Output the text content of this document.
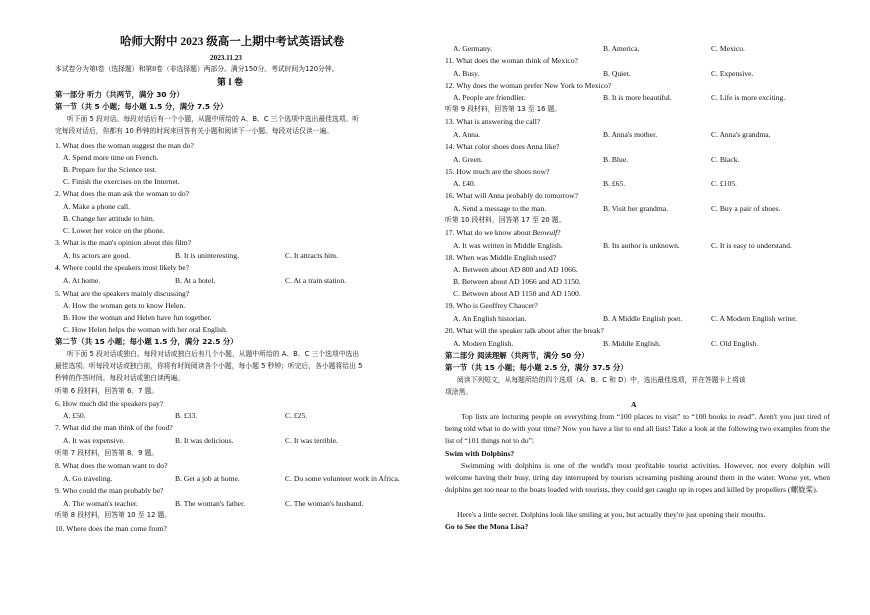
哈师大附中 2023 级高一上期中考试英语试卷
2023.11.23
本试卷分为第I卷（选择题）和第II卷（非选择题）两部分。满分150分。考试时间为120分钟。
第 I 卷
第一部分 听力（共两节，满分 30 分）
第一节（共 5 小题；每小题 1.5 分，满分 7.5 分）
听下面 5 段对话。每段对话后有一个小题，从题中所给的 A、B、C 三个选项中选出最佳选项。听
完每段对话后，你都有 10 秒钟的时间来回答有关小题和阅读下一小题。每段对话仅读一遍。
1. What does the woman suggest the man do?
A. Spend more time on French.
B. Prepare for the Science test.
C. Finish the exercises on the Internet.
2. What does the man ask the woman to do?
A. Make a phone call.
B. Change her attitude to him.
C. Lower her voice on the phone.
3. What is the man's opinion about this film?
A. Its actors are good.	B. It is uninteresting.	C. It attracts him.
4. Where could the speakers most likely be?
A. At home.	B. At a hotel.	C. At a train station.
5. What are the speakers mainly discussing?
A. How the woman gets to know Helen.
B. How the woman and Helen have fun together.
C. How Helen helps the woman with her oral English.
第二节（共 15 小题；每小题 1.5 分，满分 22.5 分）
听下面 5 段对话或独白。每段对话或独白后有几个小题，从题中所给的 A、B、C 三个选项中选出
最佳选项。听每段对话或独白前，你将有时间阅读各个小题，每小题 5 秒钟；听完后，各小题将给出 5
秒钟的作答时间。每段对话或独白读两遍。
听第 6 段材料，回答第 6、7 题。
6. How much did the speakers pay?
A. £50.	B. £33.	C. £25.
7. What did the man think of the food?
A. It was expensive.	B. It was delicious.	C. It was terrible.
听第 7 段材料，回答第 8、9 题。
8. What does the woman want to do?
A. Go traveling.	B. Get a job at home.	C. Do some volunteer work in Africa.
9. Who could the man probably be?
A. The woman's teacher.	B. The woman's father.	C. The woman's husband.
听第 8 段材料，回答第 10 至 12 题。
10. Where does the man come from?
A. Germany.	B. America.	C. Mexico.
11. What does the woman think of Mexico?
A. Busy.	B. Quiet.	C. Expensive.
12. Why does the woman prefer New York to Mexico?
A. People are friendlier.	B. It is more beautiful.	C. Life is more exciting.
听第 9 段材料，回答第 13 至 16 题。
13. What is answering the call?
A. Anna.	B. Anna's mother.	C. Anna's grandma.
14. What color shoes does Anna like?
A. Green.	B. Blue.	C. Black.
15. How much are the shoes now?
A. £40.	B. £65.	C. £105.
16. What will Anna probably do tomorrow?
A. Send a message to the man.	B. Visit her grandma.	C. Buy a pair of shoes.
听第 10 段材料，回答第 17 至 20 题。
17. What do we know about Beowulf?
A. It was written in Middle English.	B. Its author is unknown.	C. It is easy to understand.
18. When was Middle English used?
A. Between about AD 800 and AD 1066.
B. Between about AD 1066 and AD 1150.
C. Between about AD 1150 and AD 1500.
19. Who is Geoffrey Chaucer?
A. An English historian.	B. A Middle English poet.	C. A Modern English writer.
20. What will the speaker talk about after the break?
A. Modern English.	B. Middle English.	C. Old English.
第二部分 阅读理解（共两节，满分 50 分）
第一节（共 15 小题；每小题 2.5 分，满分 37.5 分）
阅读下列短文，从每题所给的四个选项（A、B、C 和 D）中，选出最佳选项，并在答题卡上将该
项涂黑。
A
Top lists are lecturing people on everything from “100 places to visit” to “100 books to read”. Aren't you just tired of being told what to do with your time? Now you have a list to end all lists! Take a look at the following two examples from the list of “101 things not to do”:
Swim with Dolphins?
Swimming with dolphins is one of the world's most profitable tourist activities. However, not every dolphin will welcome having their busy, tiring day interrupted by tourists screaming pushing around them in the water. Worse yet, when dolphins get too near to the boats loaded with tourists, they could get caught up in ropes and killed by propellers (螺旋桨).
Here's a little secret. Dolphins look like smiling at you, but actually they're just opening their mouths.
Go to See the Mona Lisa?
